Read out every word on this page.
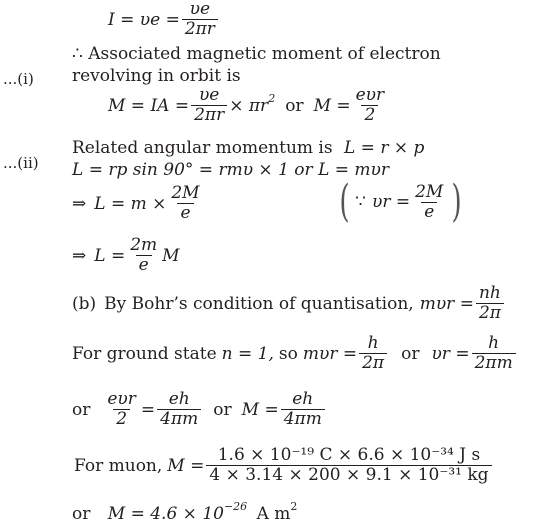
$I = \upsilon e = \frac{\upsilon e}{2\pi r}$
∴ Associated magnetic moment of electron
...(i) revolving in orbit is
M = IA = $\frac{\upsilon e}{2\pi r} \times \pi r^2$ or $M = \frac{\text{eυr}}{2}$
Related angular momentum is L = r × p
...(ii) L = rp sin 90° = rmυ × 1 or L = mυr
⇒ $L = m \times \frac{2M}{e}$	( ∵ $\upsilon r = \frac{2M}{e}$ )
⇒ $L = \frac{2m}{e}$ M
(b) By Bohr’s condition of quantisation, $m\upsilon r = \frac{nh}{2\pi}$
For ground state n = 1, so $m\upsilon r = \frac{h}{2\pi}$ or $\upsilon r = \frac{h}{2\pi m}$
or $\frac{\text{eυr}}{2} = \frac{eh}{4\pi m}$ or $M = \frac{eh}{4\pi m}$
For muon, $M = \frac{\text{1.6 × 10⁻¹⁹ C × 6.6 × 10⁻³⁴ J s}}{\text{4 × 3.14 × 200 × 9.1 × 10⁻³¹ kg}}$
or $M = 4.6 \times 10^{-26}$ A $m^2$
